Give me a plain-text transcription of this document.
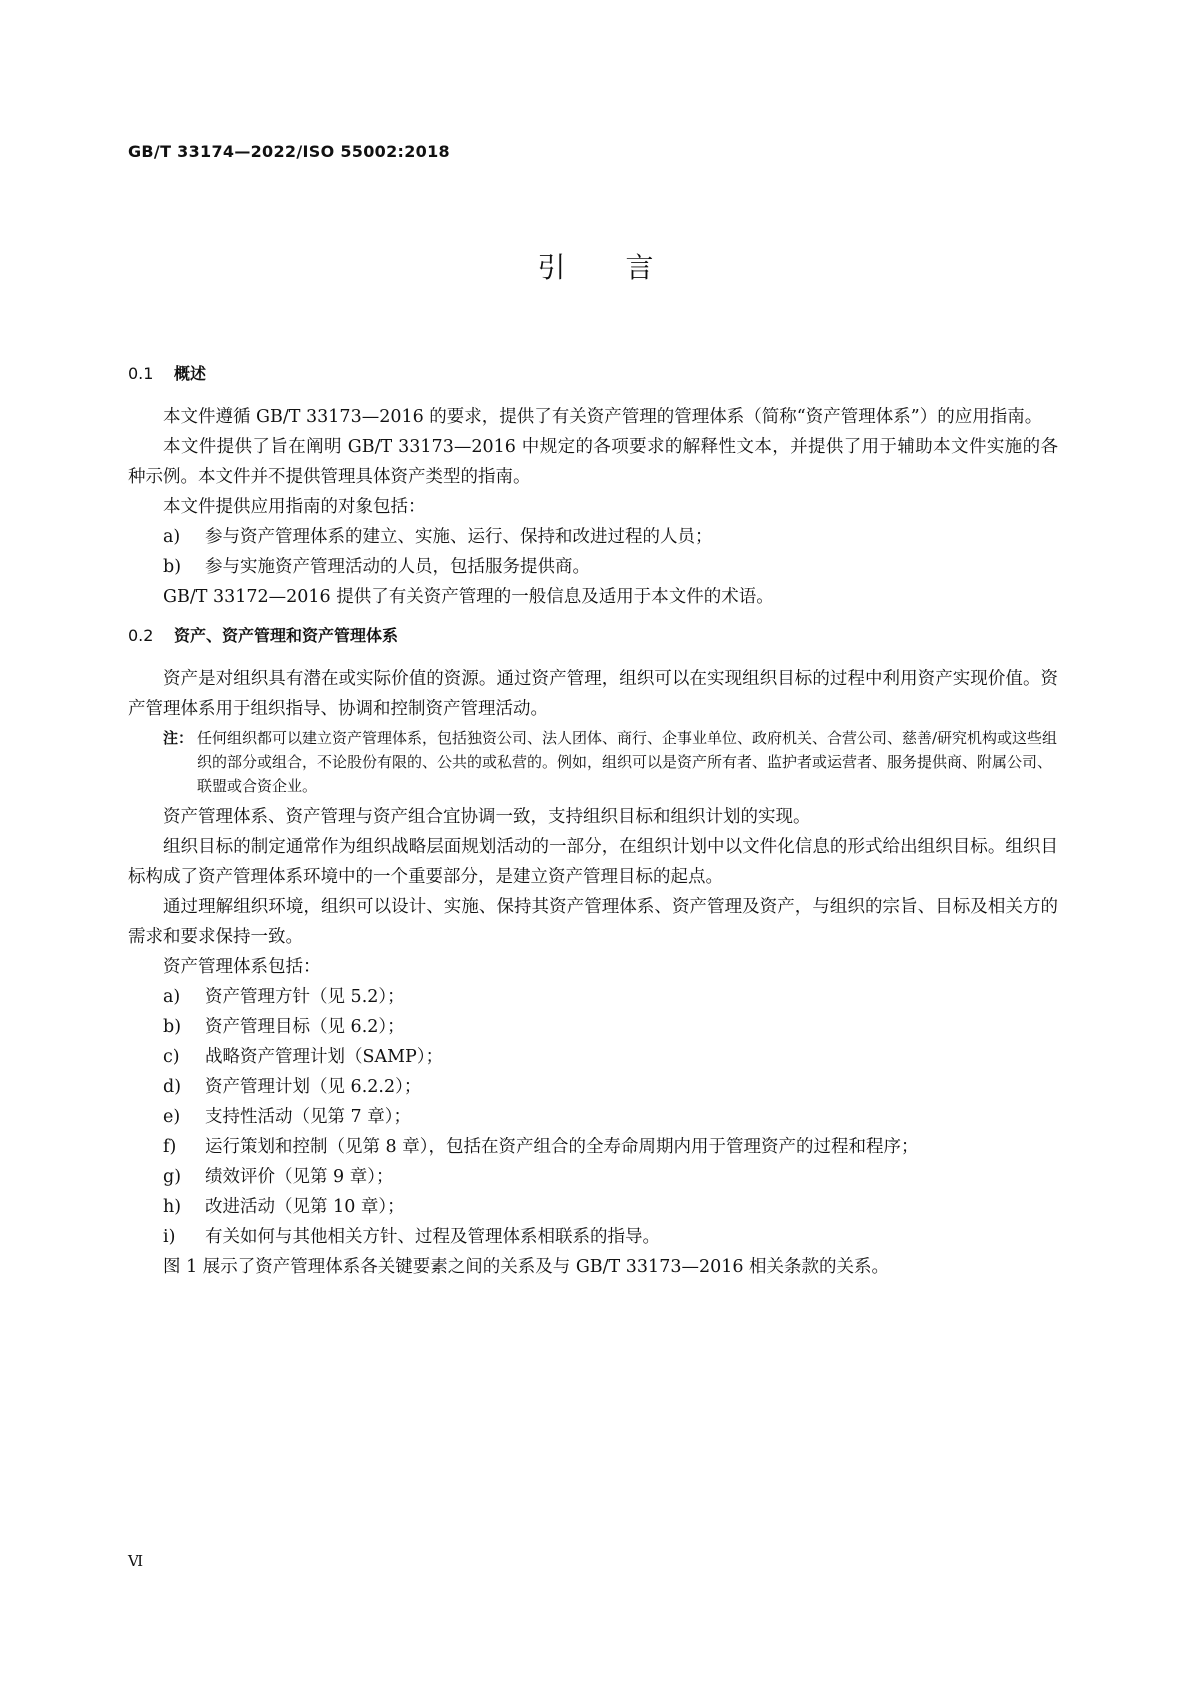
GB/T 33174—2022/ISO 55002:2018
引言
0.1 概述

本文件遵循 GB/T 33173—2016 的要求，提供了有关资产管理的管理体系（简称“资产管理体系”）的应用指南。

本文件提供了旨在阐明 GB/T 33173—2016 中规定的各项要求的解释性文本，并提供了用于辅助本文件实施的各种示例。本文件并不提供管理具体资产类型的指南。

本文件提供应用指南的对象包括：

a)	参与资产管理体系的建立、实施、运行、保持和改进过程的人员；
b)	参与实施资产管理活动的人员，包括服务提供商。

GB/T 33172—2016 提供了有关资产管理的一般信息及适用于本文件的术语。

0.2 资产、资产管理和资产管理体系

资产是对组织具有潜在或实际价值的资源。通过资产管理，组织可以在实现组织目标的过程中利用资产实现价值。资产管理体系用于组织指导、协调和控制资产管理活动。

注： 任何组织都可以建立资产管理体系，包括独资公司、法人团体、商行、企事业单位、政府机关、合营公司、慈善/研究机构或这些组织的部分或组合，不论股份有限的、公共的或私营的。例如，组织可以是资产所有者、监护者或运营者、服务提供商、附属公司、联盟或合资企业。

资产管理体系、资产管理与资产组合宜协调一致，支持组织目标和组织计划的实现。

组织目标的制定通常作为组织战略层面规划活动的一部分，在组织计划中以文件化信息的形式给出组织目标。组织目标构成了资产管理体系环境中的一个重要部分，是建立资产管理目标的起点。

通过理解组织环境，组织可以设计、实施、保持其资产管理体系、资产管理及资产，与组织的宗旨、目标及相关方的需求和要求保持一致。

资产管理体系包括：

a)	资产管理方针（见 5.2）；
b)	资产管理目标（见 6.2）；
c)	战略资产管理计划（SAMP）；
d)	资产管理计划（见 6.2.2）；
e)	支持性活动（见第 7 章）；
f)	运行策划和控制（见第 8 章），包括在资产组合的全寿命周期内用于管理资产的过程和程序；
g)	绩效评价（见第 9 章）；
h)	改进活动（见第 10 章）；
i)	有关如何与其他相关方针、过程及管理体系相联系的指导。

图 1 展示了资产管理体系各关键要素之间的关系及与 GB/T 33173—2016 相关条款的关系。

Ⅵ
